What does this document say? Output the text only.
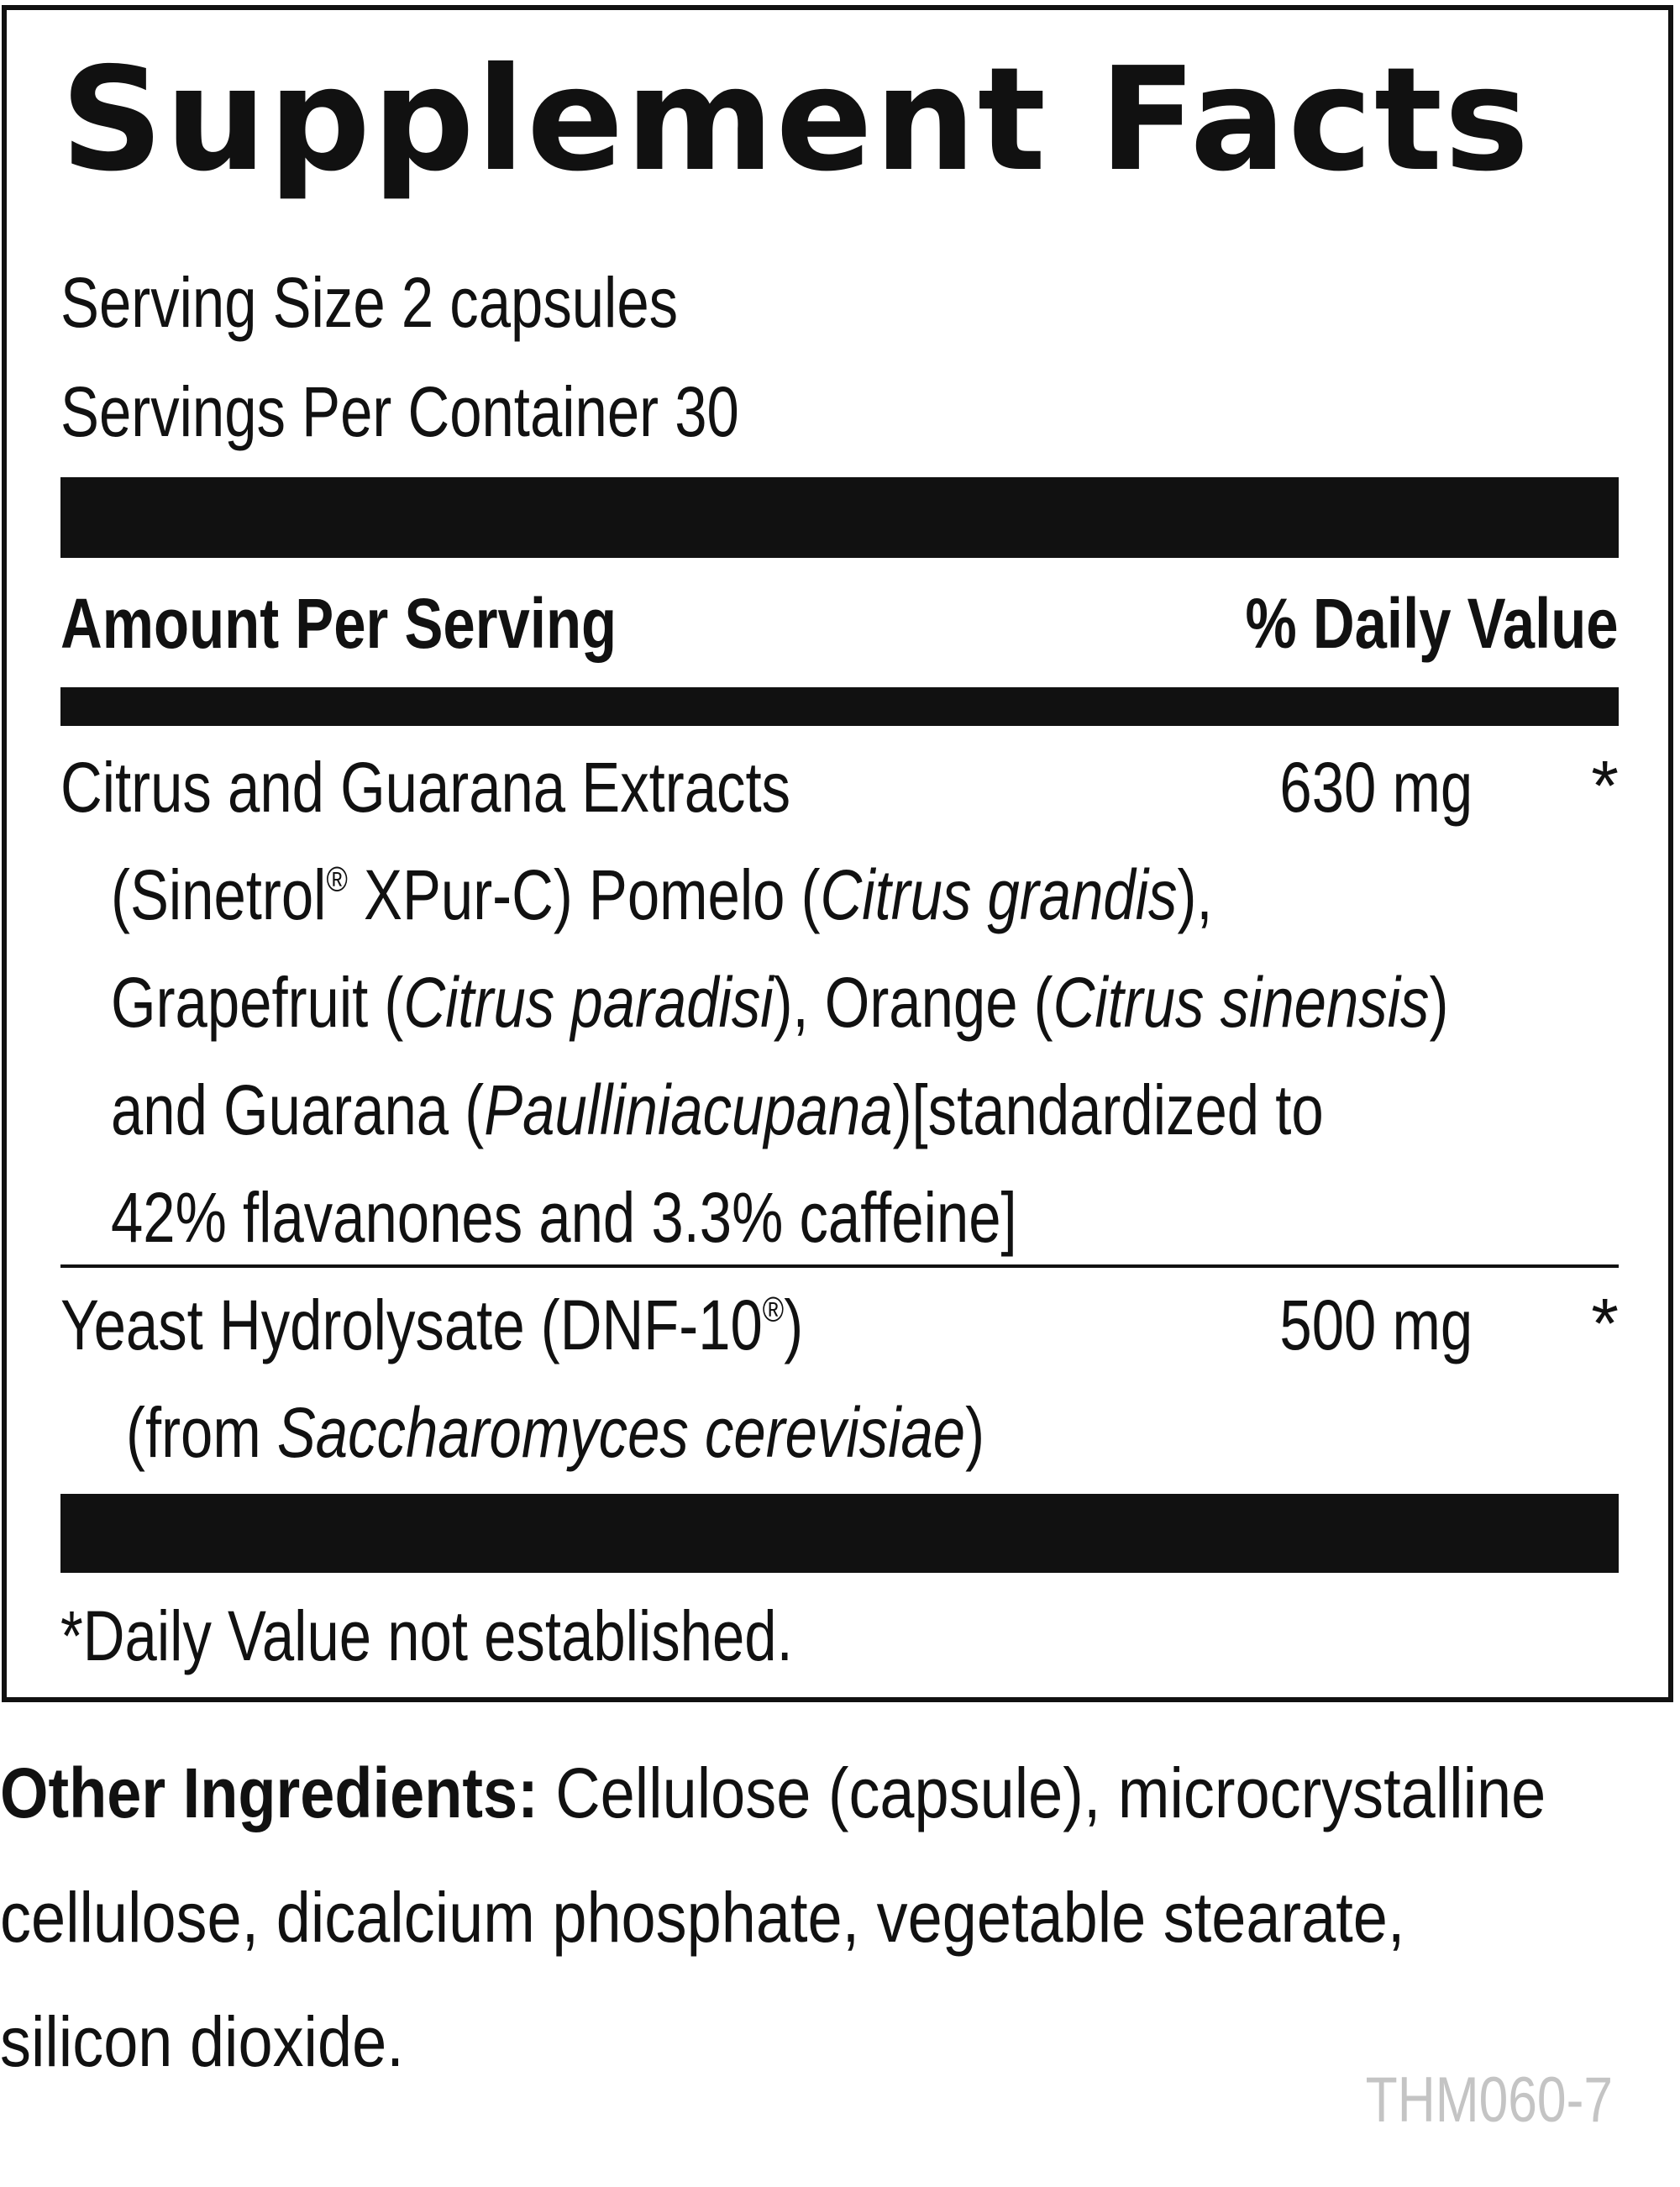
Supplement Facts
Serving Size 2 capsules
Servings Per Container 30
Amount Per Serving	% Daily Value
Citrus and Guarana Extracts	630 mg *
(Sinetrol® XPur-C) Pomelo (Citrus grandis),
Grapefruit (Citrus paradisi), Orange (Citrus sinensis)
and Guarana (Paulliniacupana)[standardized to
42% flavanones and 3.3% caffeine]
Yeast Hydrolysate (DNF-10®)	500 mg *
(from Saccharomyces cerevisiae)
*Daily Value not established.
Other Ingredients: Cellulose (capsule), microcrystalline
cellulose, dicalcium phosphate, vegetable stearate,
silicon dioxide.
THM060-7
